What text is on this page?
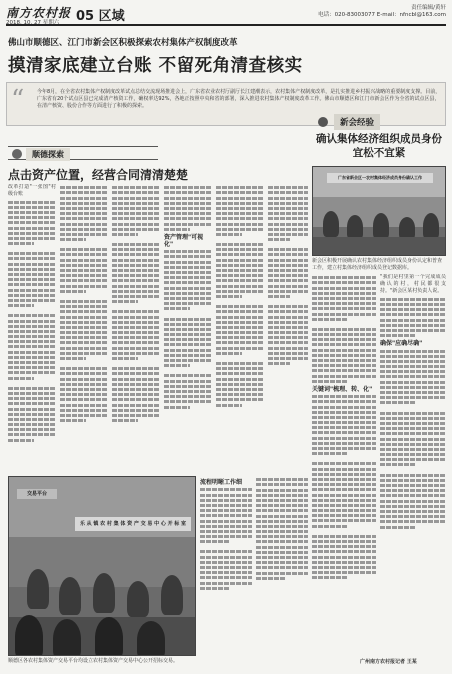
南方农村报
2018. 10. 27 星期六 05 区域
责任编辑/黄轩
电话：020-83003077 E-mail：nfncbl@163.com
佛山市顺德区、江门市新会区积极探索农村集体产权制度改革
摸清家底建立台账 不留死角清查核实
“	今年8月，在全省农村集体产权制度改革试点总结交流现场推进会上，广东省农业农村厅副厅长江建潮表示，农村集体产权制度改革，是扎实推进乡村振兴战略的重要制度支撑。目前，广东省有20个试点区县已完成清产核资工作，确权率达92%，各地正按照中央和省的部署，深入推进农村集体产权制度改革工作。佛山市顺德区和江门市新会区作为全省的试点区县，在清产核资、股份合作等方面进行了积极的探索。
顺德探索
点击资产位置，经营合同清清楚楚
改革打造"一张图"村级台账
资产管理"可视化"
流程明晰工作细
乐 从 镇 农 村 集 体 资 产 交 易 中 心 开 标 室
交易平台
顺德区各农村集体资产交易平台均设立农村集体资产交易中心公开招标交易。
新会经验
确认集体经济组织成员身份
宜松不宜紧
广东省新会区一农村集体经济成员身份确认工作
新会区积极开展确认农村集体经济组织成员身份认定和普查工作，建立村集体经济组织成员登记数据库。
关键词"梳理、转、化"
"我们是村里第一个完成成员确认的村，村民都很支持。"新会区某村负责人说。
确保"应确尽确"
广州南方农村报记者 王某
